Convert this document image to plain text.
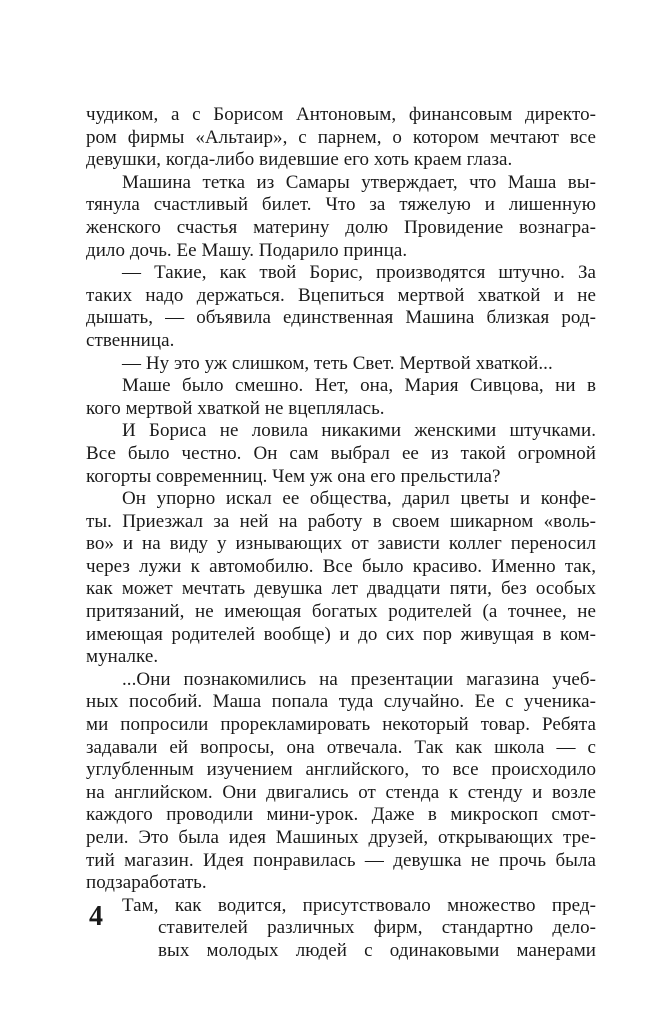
чудиком, а с Борисом Антоновым, финансовым директо-
ром фирмы «Альтаир», с парнем, о котором мечтают все
девушки, когда-либо видевшие его хоть краем глаза.
Машина тетка из Самары утверждает, что Маша вы-
тянула счастливый билет. Что за тяжелую и лишенную
женского счастья материну долю Провидение вознагра-
дило дочь. Ее Машу. Подарило принца.
— Такие, как твой Борис, производятся штучно. За
таких надо держаться. Вцепиться мертвой хваткой и не
дышать, — объявила единственная Машина близкая род-
ственница.
— Ну это уж слишком, теть Свет. Мертвой хваткой...
Маше было смешно. Нет, она, Мария Сивцова, ни в
кого мертвой хваткой не вцеплялась.
И Бориса не ловила никакими женскими штучками.
Все было честно. Он сам выбрал ее из такой огромной
когорты современниц. Чем уж она его прельстила?
Он упорно искал ее общества, дарил цветы и конфе-
ты. Приезжал за ней на работу в своем шикарном «воль-
во» и на виду у изнывающих от зависти коллег переносил
через лужи к автомобилю. Все было красиво. Именно так,
как может мечтать девушка лет двадцати пяти, без особых
притязаний, не имеющая богатых родителей (а точнее, не
имеющая родителей вообще) и до сих пор живущая в ком-
муналке.
...Они познакомились на презентации магазина учеб-
ных пособий. Маша попала туда случайно. Ее с ученика-
ми попросили прорекламировать некоторый товар. Ребята
задавали ей вопросы, она отвечала. Так как школа — с
углубленным изучением английского, то все происходило
на английском. Они двигались от стенда к стенду и возле
каждого проводили мини-урок. Даже в микроскоп смот-
рели. Это была идея Машиных друзей, открывающих тре-
тий магазин. Идея понравилась — девушка не прочь была
подзаработать.
Там, как водится, присутствовало множество пред-
ставителей различных фирм, стандартно дело-
вых молодых людей с одинаковыми манерами
4
